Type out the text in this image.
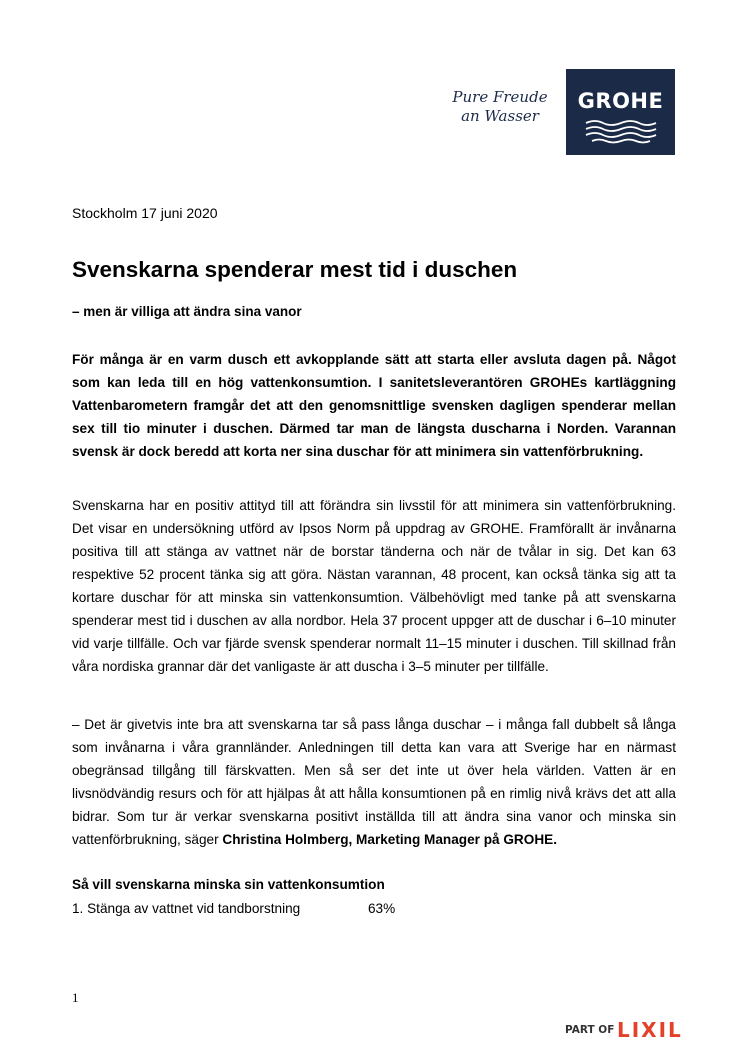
Pure Freude
an Wasser
GROHE
Stockholm 17 juni 2020
Svenskarna spenderar mest tid i duschen
– men är villiga att ändra sina vanor

För många är en varm dusch ett avkopplande sätt att starta eller avsluta dagen på. Något som kan leda till en hög vattenkonsumtion. I sanitetsleverantören GROHEs kartläggning Vattenbarometern framgår det att den genomsnittlige svensken dagligen spenderar mellan sex till tio minuter i duschen. Därmed tar man de längsta duscharna i Norden. Varannan svensk är dock beredd att korta ner sina duschar för att minimera sin vattenförbrukning.

Svenskarna har en positiv attityd till att förändra sin livsstil för att minimera sin vattenförbrukning. Det visar en undersökning utförd av Ipsos Norm på uppdrag av GROHE. Framförallt är invånarna positiva till att stänga av vattnet när de borstar tänderna och när de tvålar in sig. Det kan 63 respektive 52 procent tänka sig att göra. Nästan varannan, 48 procent, kan också tänka sig att ta kortare duschar för att minska sin vattenkonsumtion. Välbehövligt med tanke på att svenskarna spenderar mest tid i duschen av alla nordbor. Hela 37 procent uppger att de duschar i 6–10 minuter vid varje tillfälle. Och var fjärde svensk spenderar normalt 11–15 minuter i duschen. Till skillnad från våra nordiska grannar där det vanligaste är att duscha i 3–5 minuter per tillfälle.

– Det är givetvis inte bra att svenskarna tar så pass långa duschar – i många fall dubbelt så långa som invånarna i våra grannländer. Anledningen till detta kan vara att Sverige har en närmast obegränsad tillgång till färskvatten. Men så ser det inte ut över hela världen. Vatten är en livsnödvändig resurs och för att hjälpas åt att hålla konsumtionen på en rimlig nivå krävs det att alla bidrar. Som tur är verkar svenskarna positivt inställda till att ändra sina vanor och minska sin vattenförbrukning, säger Christina Holmberg, Marketing Manager på GROHE.

Så vill svenskarna minska sin vattenkonsumtion
1. Stänga av vattnet vid tandborstning	63%
1
PART OF LIXIL
